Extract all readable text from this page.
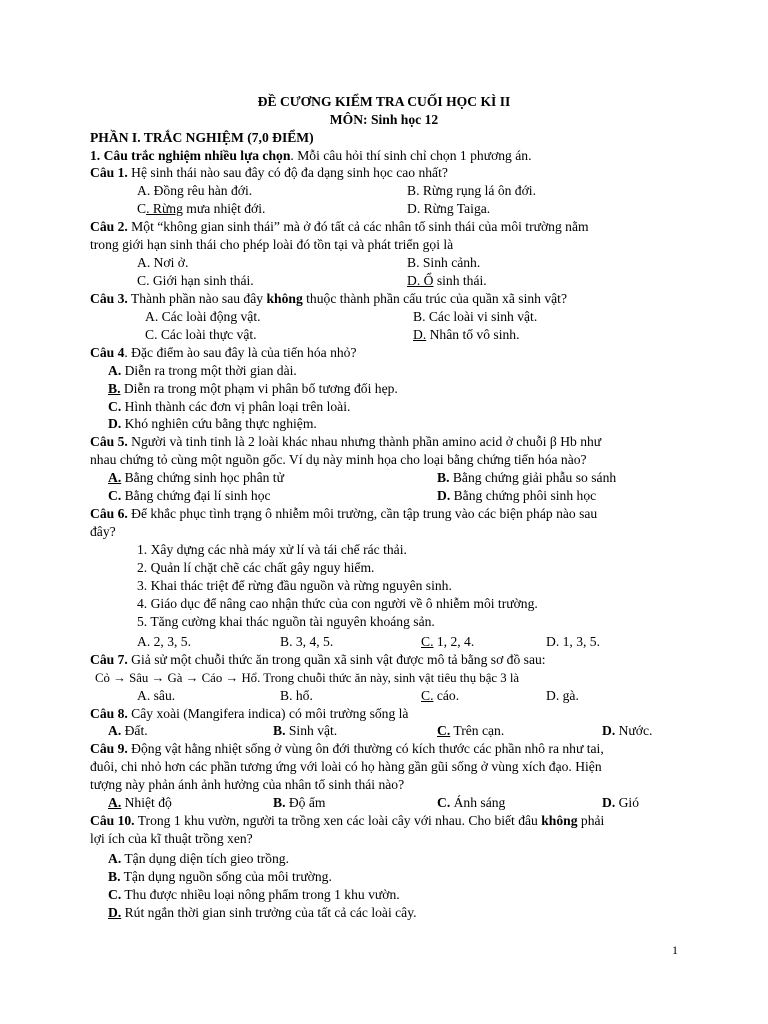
ĐỀ CƯƠNG KIỂM TRA CUỐI HỌC KÌ II
MÔN: Sinh học 12
PHẦN I. TRẮC NGHIỆM (7,0 ĐIỂM)
1. Câu trắc nghiệm nhiều lựa chọn. Mỗi câu hỏi thí sinh chỉ chọn 1 phương án.
Câu 1. Hệ sinh thái nào sau đây có độ đa dạng sinh học cao nhất?
A. Đồng rêu hàn đới.	B. Rừng rụng lá ôn đới.
C. Rừng mưa nhiệt đới.	D. Rừng Taiga.
Câu 2. Một “không gian sinh thái” mà ở đó tất cả các nhân tố sinh thái của môi trường nằm
trong giới hạn sinh thái cho phép loài đó tồn tại và phát triển gọi là
A. Nơi ở.	B. Sinh cảnh.
C. Giới hạn sinh thái.	D. Ổ sinh thái.
Câu 3. Thành phần nào sau đây không thuộc thành phần cấu trúc của quần xã sinh vật?
A. Các loài động vật.	B. Các loài vi sinh vật.
C. Các loài thực vật.	D. Nhân tố vô sinh.
Câu 4. Đặc điểm ào sau đây là của tiến hóa nhỏ?
A. Diễn ra trong một thời gian dài.
B. Diễn ra trong một phạm vi phân bố tương đối hẹp.
C. Hình thành các đơn vị phân loại trên loài.
D. Khó nghiên cứu bằng thực nghiệm.
Câu 5. Người và tinh tinh là 2 loài khác nhau nhưng thành phần amino acid ở chuỗi β Hb như
nhau chứng tỏ cùng một nguồn gốc. Ví dụ này minh họa cho loại bằng chứng tiến hóa nào?
A. Bằng chứng sinh học phân tử	B. Bằng chứng giải phẫu so sánh
C. Bằng chứng đại lí sinh học	D. Bằng chứng phôi sinh học
Câu 6. Để khắc phục tình trạng ô nhiễm môi trường, cần tập trung vào các biện pháp nào sau
đây?
1. Xây dựng các nhà máy xử lí và tái chế rác thải.
2. Quản lí chặt chẽ các chất gây nguy hiểm.
3. Khai thác triệt để rừng đầu nguồn và rừng nguyên sinh.
4. Giáo dục để nâng cao nhận thức của con người về ô nhiễm môi trường.
5. Tăng cường khai thác nguồn tài nguyên khoáng sản.
A. 2, 3, 5.	B. 3, 4, 5.	C. 1, 2, 4.	D. 1, 3, 5.
Câu 7. Giả sử một chuỗi thức ăn trong quần xã sinh vật được mô tả bằng sơ đồ sau:
Cỏ → Sâu → Gà → Cáo → Hổ. Trong chuỗi thức ăn này, sinh vật tiêu thụ bậc 3 là
A. sâu.	B. hổ.	C. cáo.	D. gà.
Câu 8. Cây xoài (Mangifera indica) có môi trường sống là
A. Đất.	B. Sinh vật.	C. Trên cạn.	D. Nước.
Câu 9. Động vật hằng nhiệt sống ở vùng ôn đới thường có kích thước các phần nhô ra như tai,
đuôi, chi nhỏ hơn các phần tương ứng với loài có họ hàng gần gũi sống ở vùng xích đạo. Hiện
tượng này phản ánh ảnh hưởng của nhân tố sinh thái nào?
A. Nhiệt độ	B. Độ ẩm	C. Ánh sáng	D. Gió
Câu 10. Trong 1 khu vườn, người ta trồng xen các loài cây với nhau. Cho biết đâu không phải
lợi ích của kĩ thuật trồng xen?
A. Tận dụng diện tích gieo trồng.
B. Tận dụng nguồn sống của môi trường.
C. Thu được nhiều loại nông phẩm trong 1 khu vườn.
D. Rút ngắn thời gian sinh trưởng của tất cả các loài cây.
1
